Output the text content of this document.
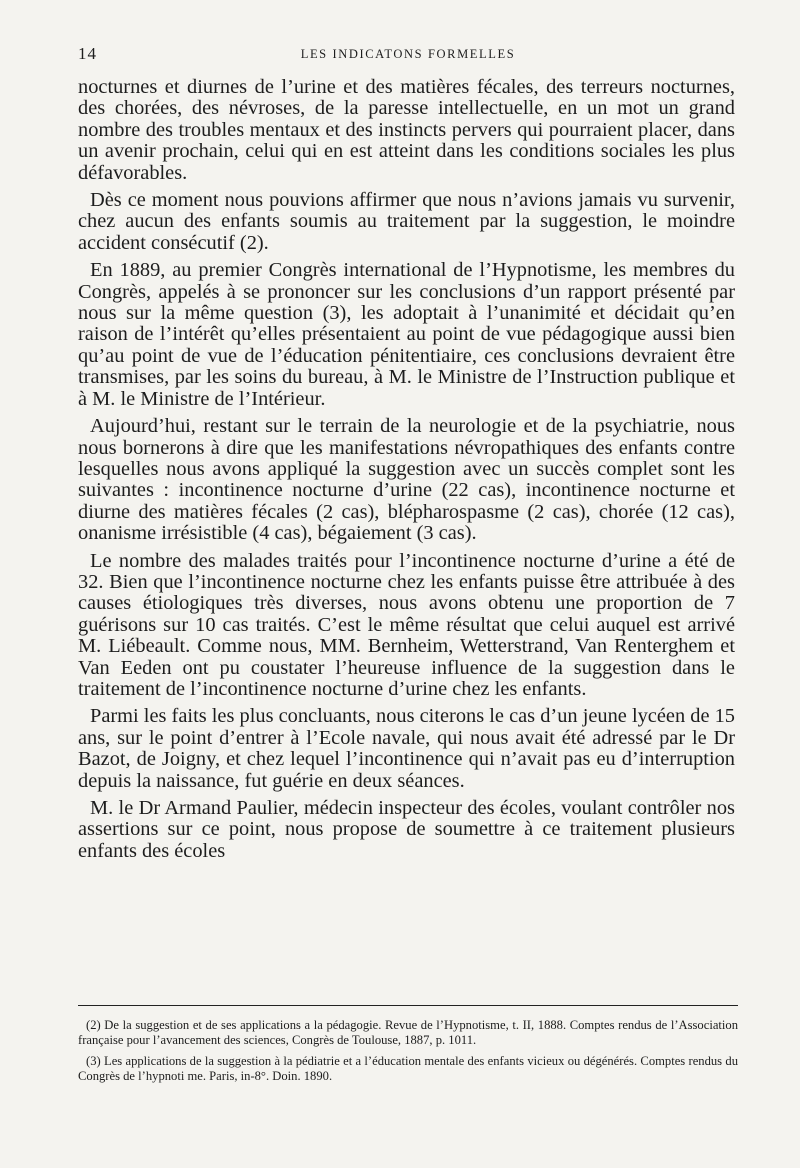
14	LES INDICATONS FORMELLES

nocturnes et diurnes de l’urine et des matières fécales, des terreurs nocturnes, des chorées, des névroses, de la paresse intellectuelle, en un mot un grand nombre des troubles mentaux et des instincts pervers qui pourraient placer, dans un avenir prochain, celui qui en est atteint dans les conditions sociales les plus défavorables.

Dès ce moment nous pouvions affirmer que nous n’avions jamais vu survenir, chez aucun des enfants soumis au traitement par la suggestion, le moindre accident consécutif (2).

En 1889, au premier Congrès international de l’Hypnotisme, les membres du Congrès, appelés à se prononcer sur les conclusions d’un rapport présenté par nous sur la même question (3), les adoptait à l’unanimité et décidait qu’en raison de l’intérêt qu’elles présentaient au point de vue pédagogique aussi bien qu’au point de vue de l’éducation pénitentiaire, ces conclusions devraient être transmises, par les soins du bureau, à M. le Ministre de l’Instruction publique et à M. le Ministre de l’Intérieur.

Aujourd’hui, restant sur le terrain de la neurologie et de la psychiatrie, nous nous bornerons à dire que les manifestations névropathiques des enfants contre lesquelles nous avons appliqué la suggestion avec un succès complet sont les suivantes : incontinence nocturne d’urine (22 cas), incontinence nocturne et diurne des matières fécales (2 cas), blépharospasme (2 cas), chorée (12 cas), onanisme irrésistible (4 cas), bégaiement (3 cas).

Le nombre des malades traités pour l’incontinence nocturne d’urine a été de 32. Bien que l’incontinence nocturne chez les enfants puisse être attribuée à des causes étiologiques très diverses, nous avons obtenu une proportion de 7 guérisons sur 10 cas traités. C’est le même résultat que celui auquel est arrivé M. Liébeault. Comme nous, MM. Bernheim, Wetterstrand, Van Renterghem et Van Eeden ont pu coustater l’heureuse influence de la suggestion dans le traitement de l’incontinence nocturne d’urine chez les enfants.

Parmi les faits les plus concluants, nous citerons le cas d’un jeune lycéen de 15 ans, sur le point d’entrer à l’Ecole navale, qui nous avait été adressé par le Dr Bazot, de Joigny, et chez lequel l’incontinence qui n’avait pas eu d’interruption depuis la naissance, fut guérie en deux séances.

M. le Dr Armand Paulier, médecin inspecteur des écoles, voulant contrôler nos assertions sur ce point, nous propose de soumettre à ce traitement plusieurs enfants des écoles

(2) De la suggestion et de ses applications a la pédagogie. Revue de l’Hypnotisme, t. II, 1888. Comptes rendus de l’Association française pour l’avancement des sciences, Congrès de Toulouse, 1887, p. 1011.

(3) Les applications de la suggestion à la pédiatrie et a l’éducation mentale des enfants vicieux ou dégénérés. Comptes rendus du Congrès de l’hypnoti me. Paris, in-8°. Doin. 1890.
